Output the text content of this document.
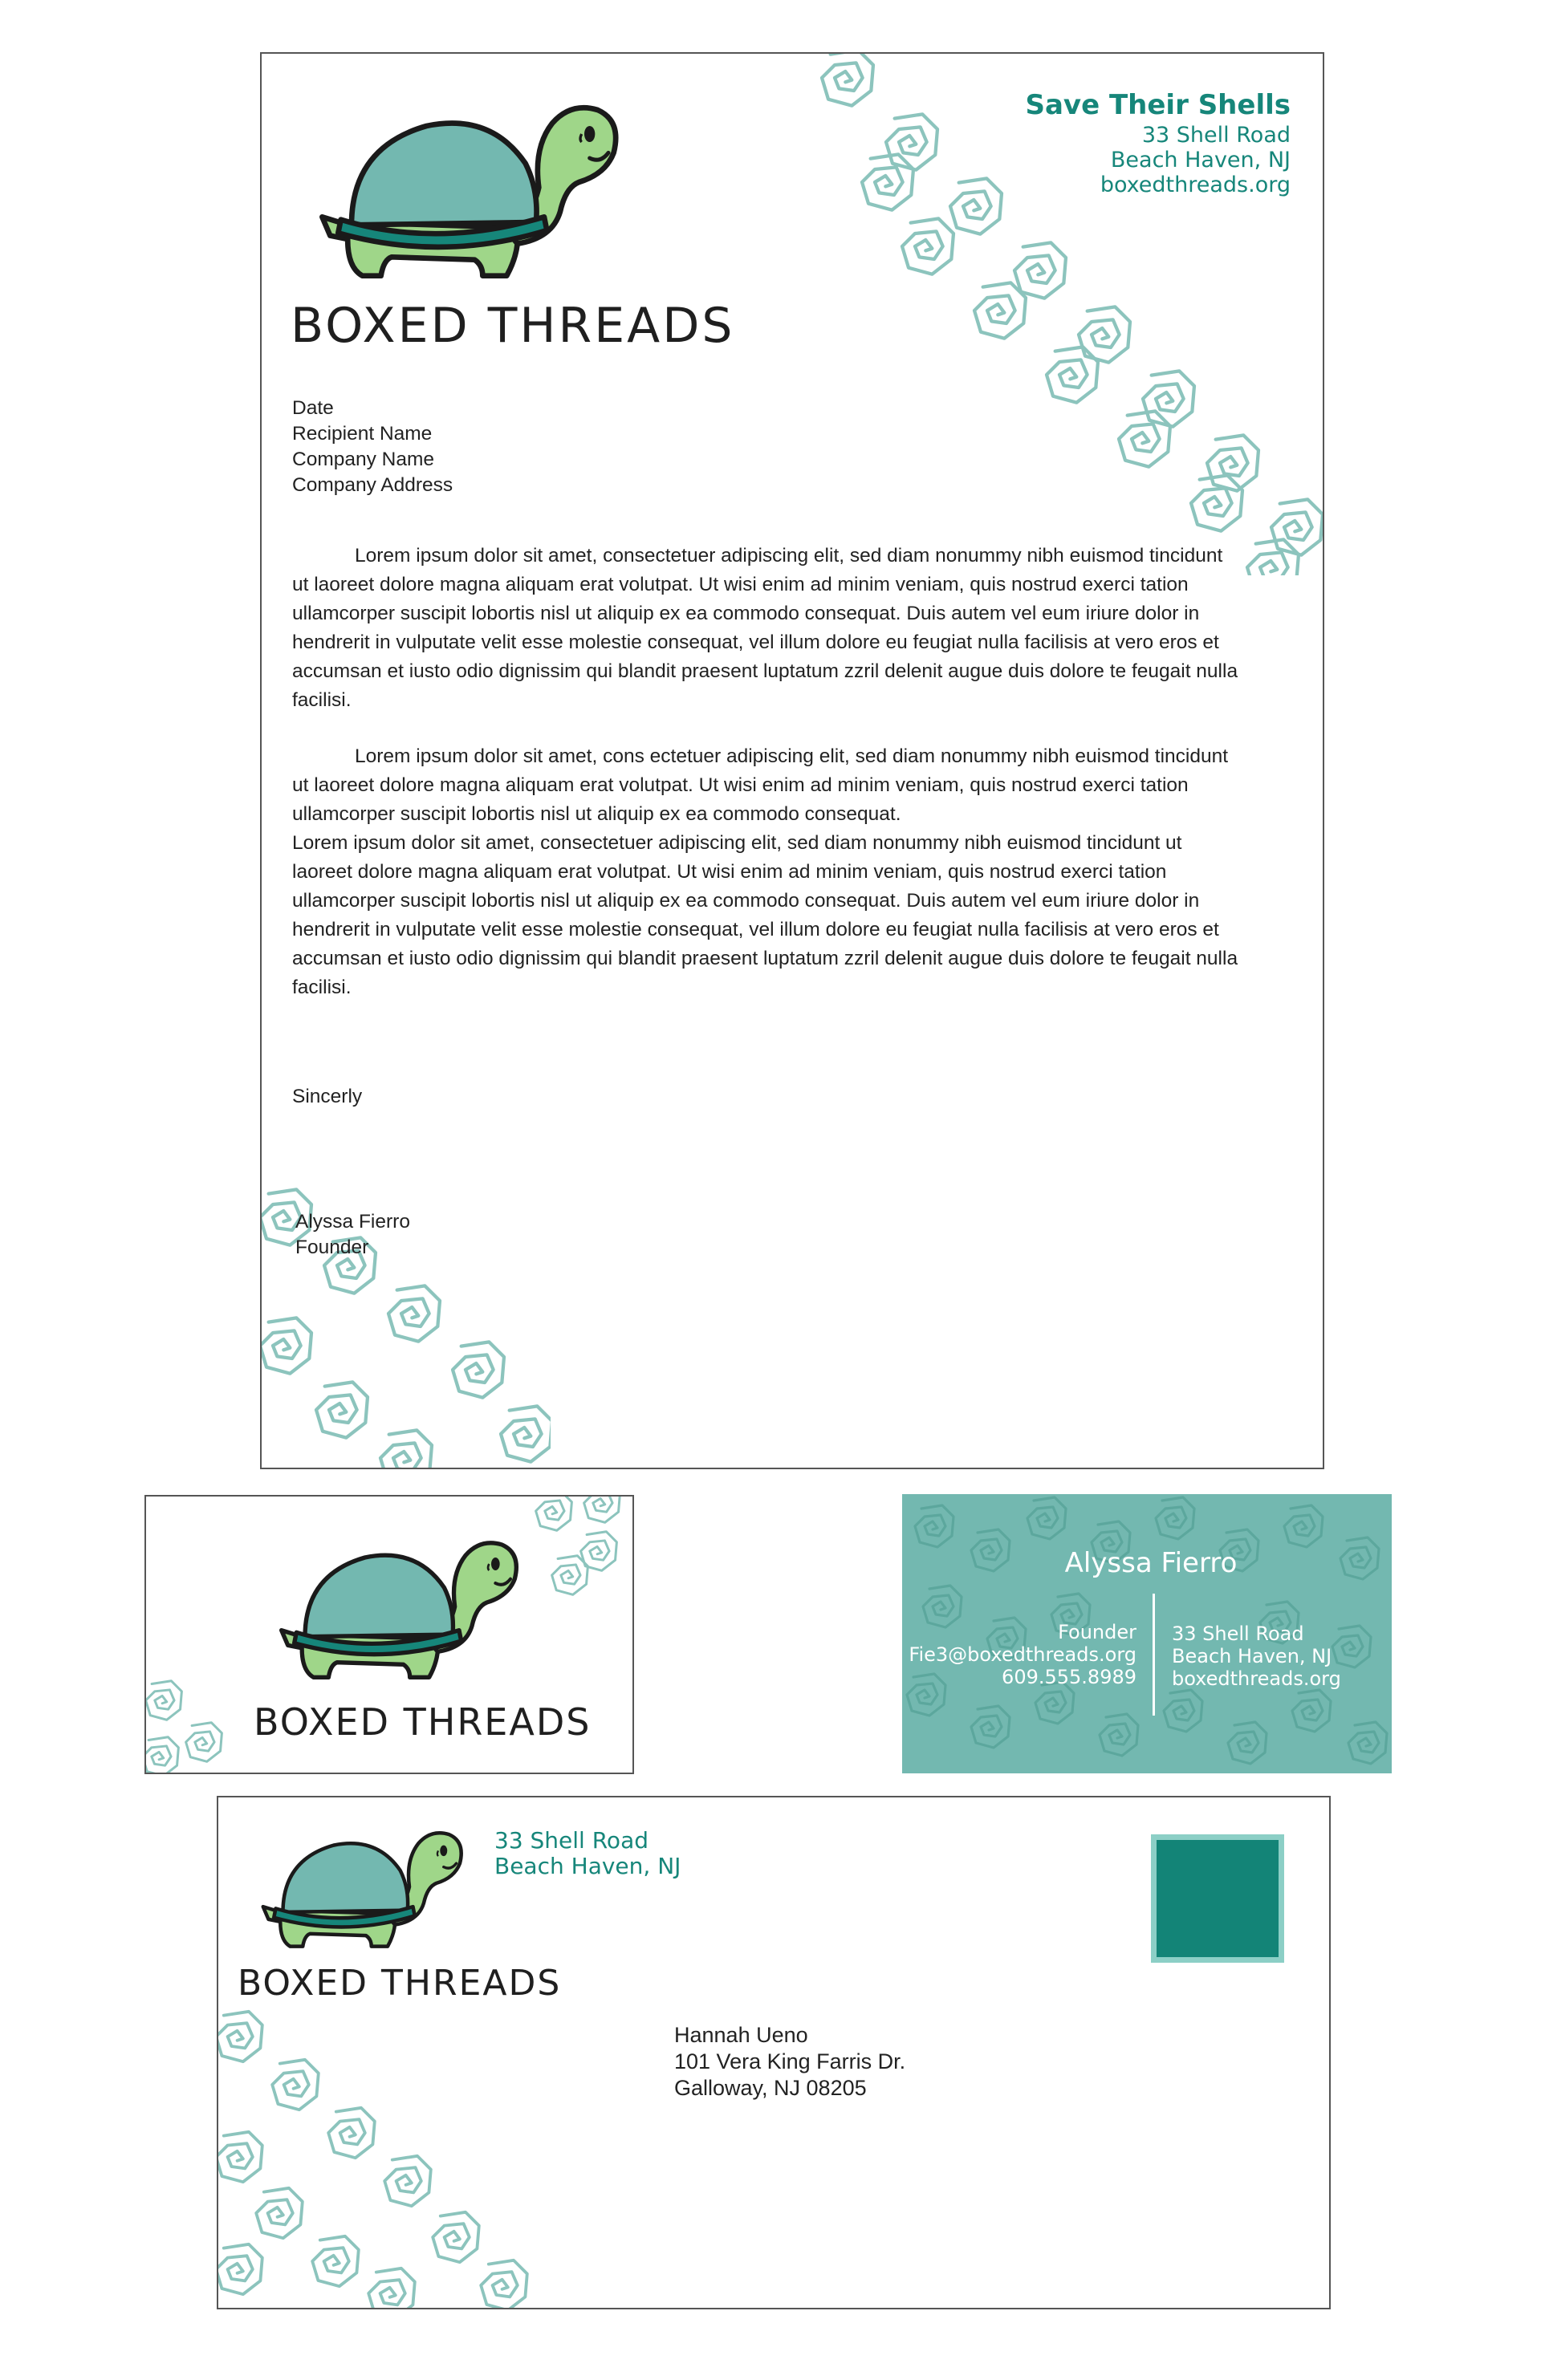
BOXED THREADS
Save Their Shells
33 Shell Road
Beach Haven, NJ
boxedthreads.org
Date
Recipient Name
Company Name
Company Address

Lorem ipsum dolor sit amet, consectetuer adipiscing elit, sed diam nonummy nibh euismod tincidunt ut laoreet dolore magna aliquam erat volutpat. Ut wisi enim ad minim veniam, quis nostrud exerci tation ullamcorper suscipit lobortis nisl ut aliquip ex ea commodo consequat. Duis autem vel eum iriure dolor in hendrerit in vulputate velit esse molestie consequat, vel illum dolore eu feugiat nulla facilisis at vero eros et accumsan et iusto odio dignissim qui blandit praesent luptatum zzril delenit augue duis dolore te feugait nulla facilisi.

Lorem ipsum dolor sit amet, cons ectetuer adipiscing elit, sed diam nonummy nibh euismod tincidunt ut laoreet dolore magna aliquam erat volutpat. Ut wisi enim ad minim veniam, quis nostrud exerci tation ullamcorper suscipit lobortis nisl ut aliquip ex ea commodo consequat.

Lorem ipsum dolor sit amet, consectetuer adipiscing elit, sed diam nonummy nibh euismod tincidunt ut laoreet dolore magna aliquam erat volutpat. Ut wisi enim ad minim veniam, quis nostrud exerci tation ullamcorper suscipit lobortis nisl ut aliquip ex ea commodo consequat. Duis autem vel eum iriure dolor in hendrerit in vulputate velit esse molestie consequat, vel illum dolore eu feugiat nulla facilisis at vero eros et accumsan et iusto odio dignissim qui blandit praesent luptatum zzril delenit augue duis dolore te feugait nulla facilisi.

Sincerly
Alyssa Fierro
Founder
BOXED THREADS
Alyssa Fierro
Founder
Fie3@boxedthreads.org
609.555.8989
33 Shell Road
Beach Haven, NJ
boxedthreads.org
BOXED THREADS
33 Shell Road
Beach Haven, NJ
Hannah Ueno
101 Vera King Farris Dr.
Galloway, NJ 08205
